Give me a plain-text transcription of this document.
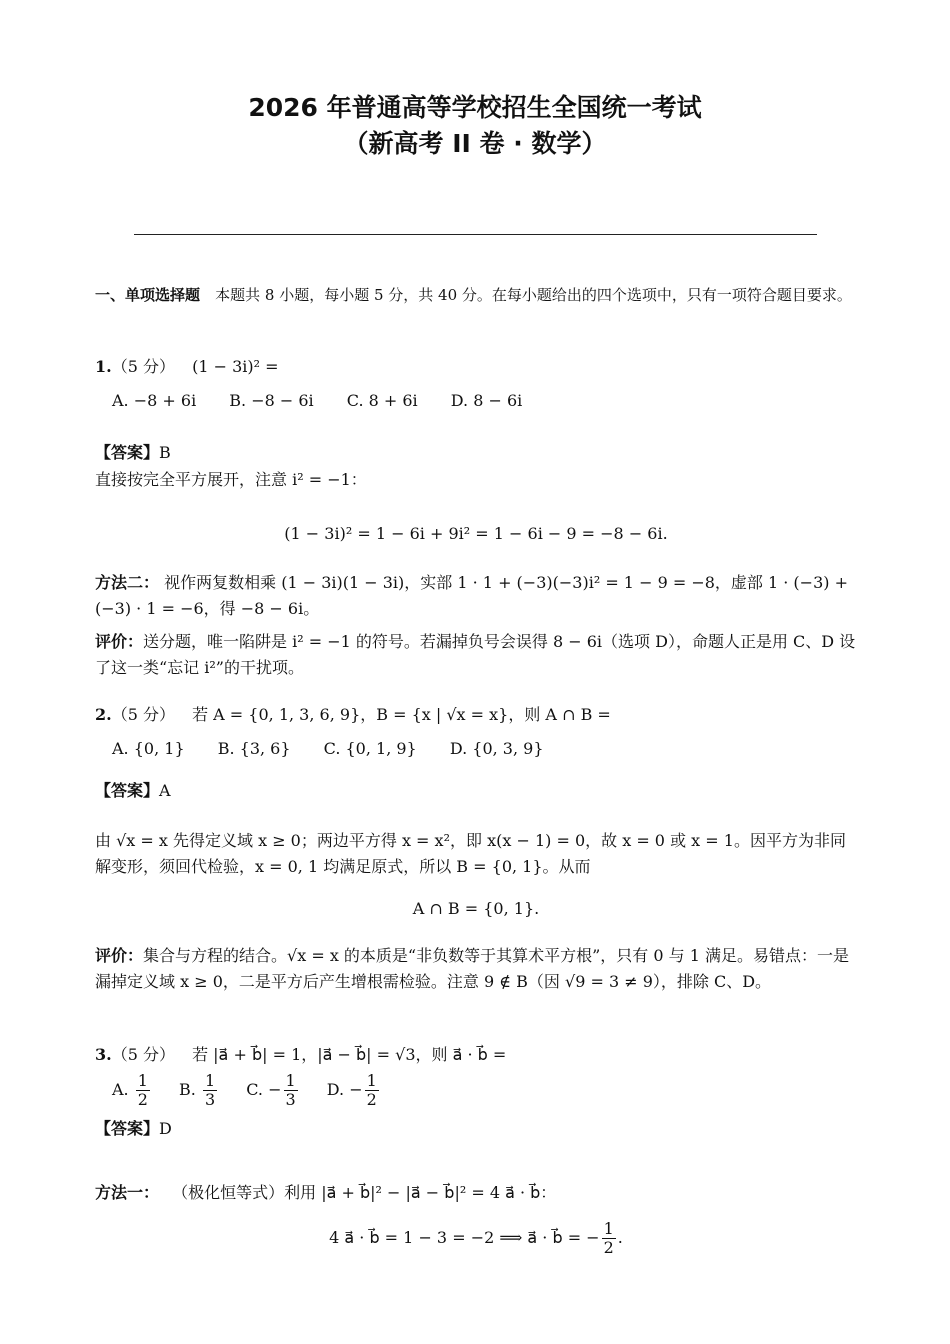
2026 年普通高等学校招生全国统一考试
（新高考 II 卷 · 数学）
一、单项选择题 本题共 8 小题，每小题 5 分，共 40 分。在每小题给出的四个选项中，只有一项符合题目要求。
1.（5 分） (1 − 3i)² =
A. −8 + 6i B. −8 − 6i C. 8 + 6i D. 8 − 6i
【答案】B
直接按完全平方展开，注意 i² = −1：
(1 − 3i)² = 1 − 6i + 9i² = 1 − 6i − 9 = −8 − 6i.
方法二： 视作两复数相乘 (1 − 3i)(1 − 3i)，实部 1 · 1 + (−3)(−3)i² = 1 − 9 = −8，虚部 1 · (−3) + (−3) · 1 = −6，得 −8 − 6i。
评价：送分题，唯一陷阱是 i² = −1 的符号。若漏掉负号会误得 8 − 6i（选项 D），命题人正是用 C、D 设了这一类“忘记 i²”的干扰项。
2.（5 分） 若 A = {0, 1, 3, 6, 9}，B = {x | √x = x}，则 A ∩ B =
A. {0, 1} B. {3, 6} C. {0, 1, 9} D. {0, 3, 9}
【答案】A
由 √x = x 先得定义域 x ≥ 0；两边平方得 x = x²，即 x(x − 1) = 0，故 x = 0 或 x = 1。因平方为非同解变形，须回代检验，x = 0, 1 均满足原式，所以 B = {0, 1}。从而
A ∩ B = {0, 1}.
评价：集合与方程的结合。√x = x 的本质是“非负数等于其算术平方根”，只有 0 与 1 满足。易错点：一是漏掉定义域 x ≥ 0，二是平方后产生增根需检验。注意 9 ∉ B（因 √9 = 3 ≠ 9），排除 C、D。
3.（5 分） 若 |a⃗ + b⃗| = 1，|a⃗ − b⃗| = √3，则 a⃗ · b⃗ =
A. $\frac{1}{2} B$. $\frac{1}{3} C$. − $\frac{1}{3} D$. − $\frac{1}{2}$
【答案】D
方法一： （极化恒等式）利用 |a⃗ + b⃗|² − |a⃗ − b⃗|² = 4 a⃗ · b⃗：
4 a⃗ · b⃗ = 1 − 3 = −2 ⟹ a⃗ · b⃗ = − $\frac{1}{2}$ .
